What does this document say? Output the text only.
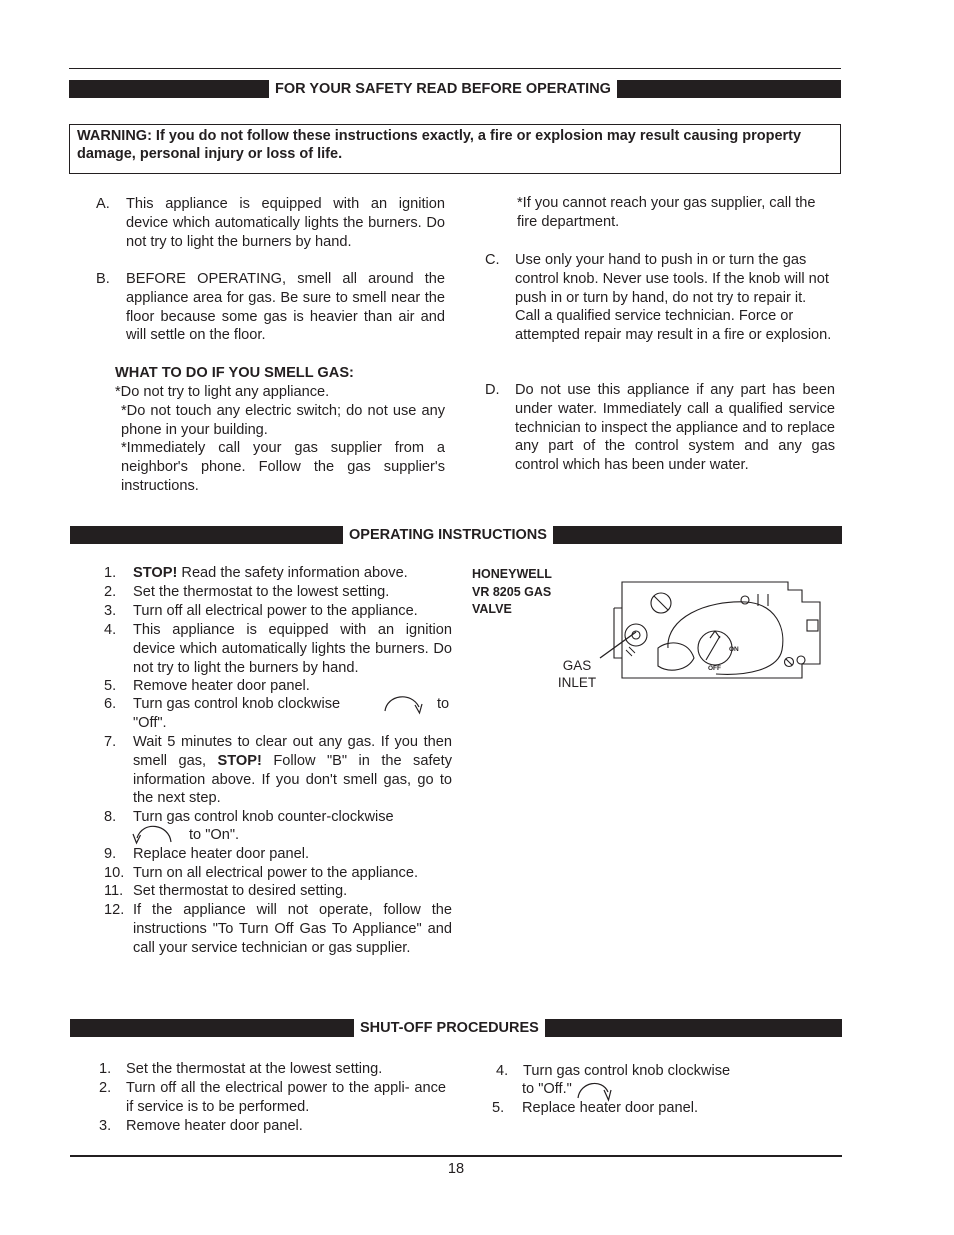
FOR YOUR SAFETY READ BEFORE OPERATING

WARNING: If you do not follow these instructions exactly, a fire or explosion may result causing property damage, personal injury or loss of life.

A. This appliance is equipped with an ignition device which automatically lights the burners. Do not try to light the burners by hand.
B. BEFORE OPERATING, smell all around the appliance area for gas. Be sure to smell near the floor because some gas is heavier than air and will settle on the floor.
WHAT TO DO IF YOU SMELL GAS:
*Do not try to light any appliance.
*Do not touch any electric switch; do not use any phone in your building.
*Immediately call your gas supplier from a neighbor's phone. Follow the gas supplier's instructions.
*If you cannot reach your gas supplier, call the fire department.
C. Use only your hand to push in or turn the gas control knob. Never use tools. If the knob will not push in or turn by hand, do not try to repair it. Call a qualified service technician. Force or attempted repair may result in a fire or explosion.
D. Do not use this appliance if any part has been under water. Immediately call a qualified service technician to inspect the appliance and to replace any part of the control system and any gas control which has been under water.
OPERATING INSTRUCTIONS
1. STOP! Read the safety information above.
2. Set the thermostat to the lowest setting.
3. Turn off all electrical power to the appliance.
4. This appliance is equipped with an ignition device which automatically lights the burners. Do not try to light the burners by hand.
5. Remove heater door panel.
6. Turn gas control knob clockwise	to
"Off".
7. Wait 5 minutes to clear out any gas. If you then smell gas, STOP! Follow "B" in the safety information above. If you don't smell gas, go to the next step.
8. Turn gas control knob counter-clockwise
to "On".
9. Replace heater door panel.
10. Turn on all electrical power to the appliance.
11. Set thermostat to desired setting.
12. If the appliance will not operate, follow the instructions "To Turn Off Gas To Appliance" and call your service technician or gas supplier.
HONEYWELL
VR 8205 GAS
VALVE
GAS
INLET
ON
OFF
SHUT-OFF PROCEDURES
1. Set the thermostat at the lowest setting.
2. Turn off all the electrical power to the appli- ance if service is to be performed.
3. Remove heater door panel.
4. Turn gas control knob clockwise
to "Off."
5. Replace heater door panel.
18
